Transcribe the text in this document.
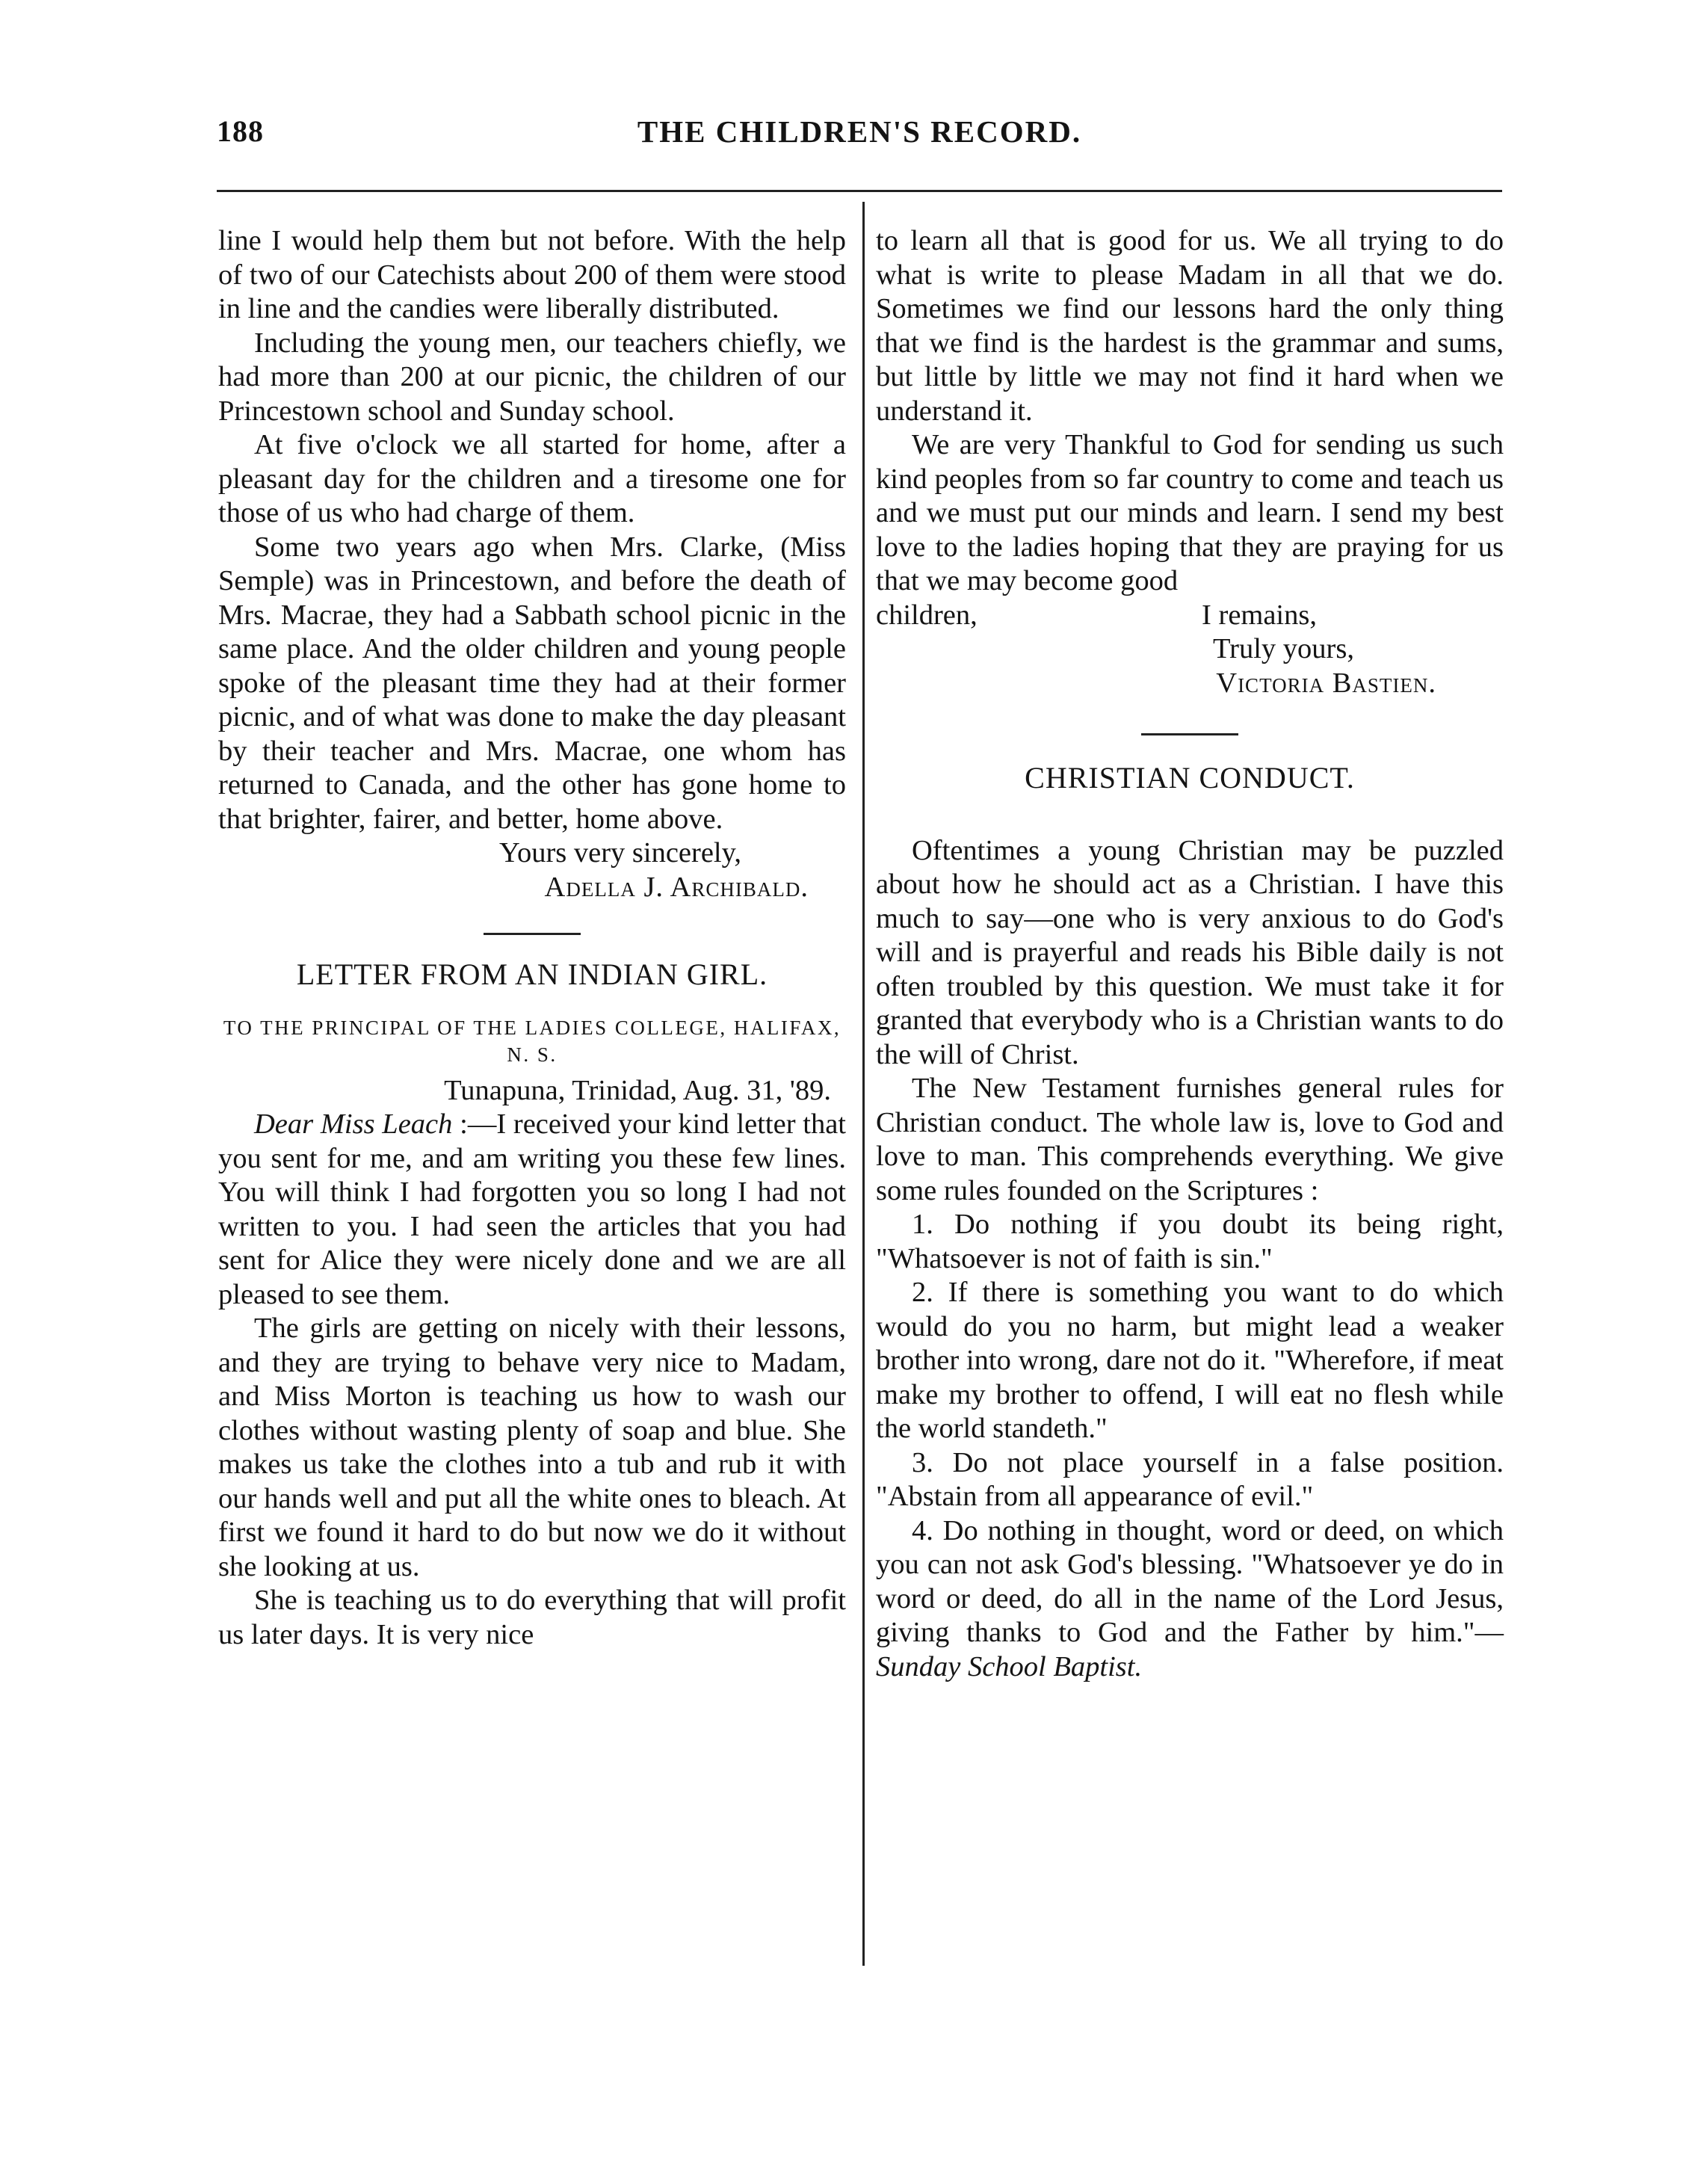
188	THE CHILDREN'S RECORD.

line I would help them but not before. With the help of two of our Catechists about 200 of them were stood in line and the candies were liberally distributed.

Including the young men, our teachers chiefly, we had more than 200 at our picnic, the children of our Princestown school and Sunday school.

At five o'clock we all started for home, after a pleasant day for the children and a tiresome one for those of us who had charge of them.

Some two years ago when Mrs. Clarke, (Miss Semple) was in Princestown, and before the death of Mrs. Macrae, they had a Sabbath school picnic in the same place. And the older children and young people spoke of the pleasant time they had at their former picnic, and of what was done to make the day pleasant by their teacher and Mrs. Macrae, one whom has returned to Canada, and the other has gone home to that brighter, fairer, and better, home above.

Yours very sincerely,
Adella J. Archibald.
LETTER FROM AN INDIAN GIRL.
TO THE PRINCIPAL OF THE LADIES COLLEGE, HALIFAX, N. S.
Tunapuna, Trinidad, Aug. 31, '89.

Dear Miss Leach :—I received your kind letter that you sent for me, and am writing you these few lines. You will think I had forgotten you so long I had not written to you. I had seen the articles that you had sent for Alice they were nicely done and we are all pleased to see them.

The girls are getting on nicely with their lessons, and they are trying to behave very nice to Madam, and Miss Morton is teaching us how to wash our clothes without wasting plenty of soap and blue. She makes us take the clothes into a tub and rub it with our hands well and put all the white ones to bleach. At first we found it hard to do but now we do it without she looking at us.

She is teaching us to do everything that will profit us later days. It is very nice

to learn all that is good for us. We all trying to do what is write to please Madam in all that we do. Sometimes we find our lessons hard the only thing that we find is the hardest is the grammar and sums, but little by little we may not find it hard when we understand it.

We are very Thankful to God for sending us such kind peoples from so far country to come and teach us and we must put our minds and learn. I send my best love to the ladies hoping that they are praying for us that we may become good

children,	I remains,
Truly yours,
Victoria Bastien.
CHRISTIAN CONDUCT.

Oftentimes a young Christian may be puzzled about how he should act as a Christian. I have this much to say—one who is very anxious to do God's will and is prayerful and reads his Bible daily is not often troubled by this question. We must take it for granted that everybody who is a Christian wants to do the will of Christ.

The New Testament furnishes general rules for Christian conduct. The whole law is, love to God and love to man. This comprehends everything. We give some rules founded on the Scriptures :

1. Do nothing if you doubt its being right, "Whatsoever is not of faith is sin."

2. If there is something you want to do which would do you no harm, but might lead a weaker brother into wrong, dare not do it. "Wherefore, if meat make my brother to offend, I will eat no flesh while the world standeth."

3. Do not place yourself in a false position. "Abstain from all appearance of evil."

4. Do nothing in thought, word or deed, on which you can not ask God's blessing. "Whatsoever ye do in word or deed, do all in the name of the Lord Jesus, giving thanks to God and the Father by him."—Sunday School Baptist.
